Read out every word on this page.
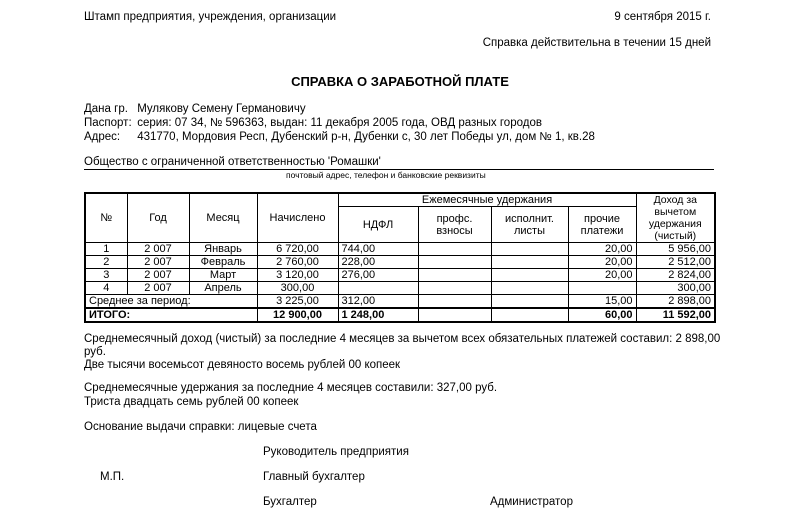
Штамп предприятия, учреждения, организации	9 сентября 2015 г.
Справка действительна в течении 15 дней
СПРАВКА О ЗАРАБОТНОЙ ПЛАТЕ
Дана гр. Мулякову Семену Германовичу
Паспорт: серия: 07 34, № 596363, выдан: 11 декабря 2005 года, ОВД разных городов
Адрес: 431770, Мордовия Респ, Дубенский р-н, Дубенки с, 30 лет Победы ул, дом № 1, кв.28
Общество с ограниченной ответственностью 'Ромашки'
почтовый адрес, телефон и банковские реквизиты
№	Год	Месяц	Начислено	Ежемесячные удержания				Доход за вычетом удержания (чистый)
				НДФЛ	профс. взносы	исполнит. листы	прочие платежи	
1	2 007	Январь	6 720,00	744,00			20,00	5 956,00
2	2 007	Февраль	2 760,00	228,00			20,00	2 512,00
3	2 007	Март	3 120,00	276,00			20,00	2 824,00
4	2 007	Апрель	300,00					300,00
Среднее за период:			3 225,00	312,00			15,00	2 898,00
ИТОГО:			12 900,00	1 248,00			60,00	11 592,00
Среднемесячный доход (чистый) за последние 4 месяцев за вычетом всех обязательных платежей составил: 2 898,00
руб.
Две тысячи восемьсот девяносто восемь рублей 00 копеек
Среднемесячные удержания за последние 4 месяцев составили: 327,00 руб.
Триста двадцать семь рублей 00 копеек
Основание выдачи справки: лицевые счета
Руководитель предприятия
М.П.	Главный бухгалтер
Бухгалтер	Администратор
